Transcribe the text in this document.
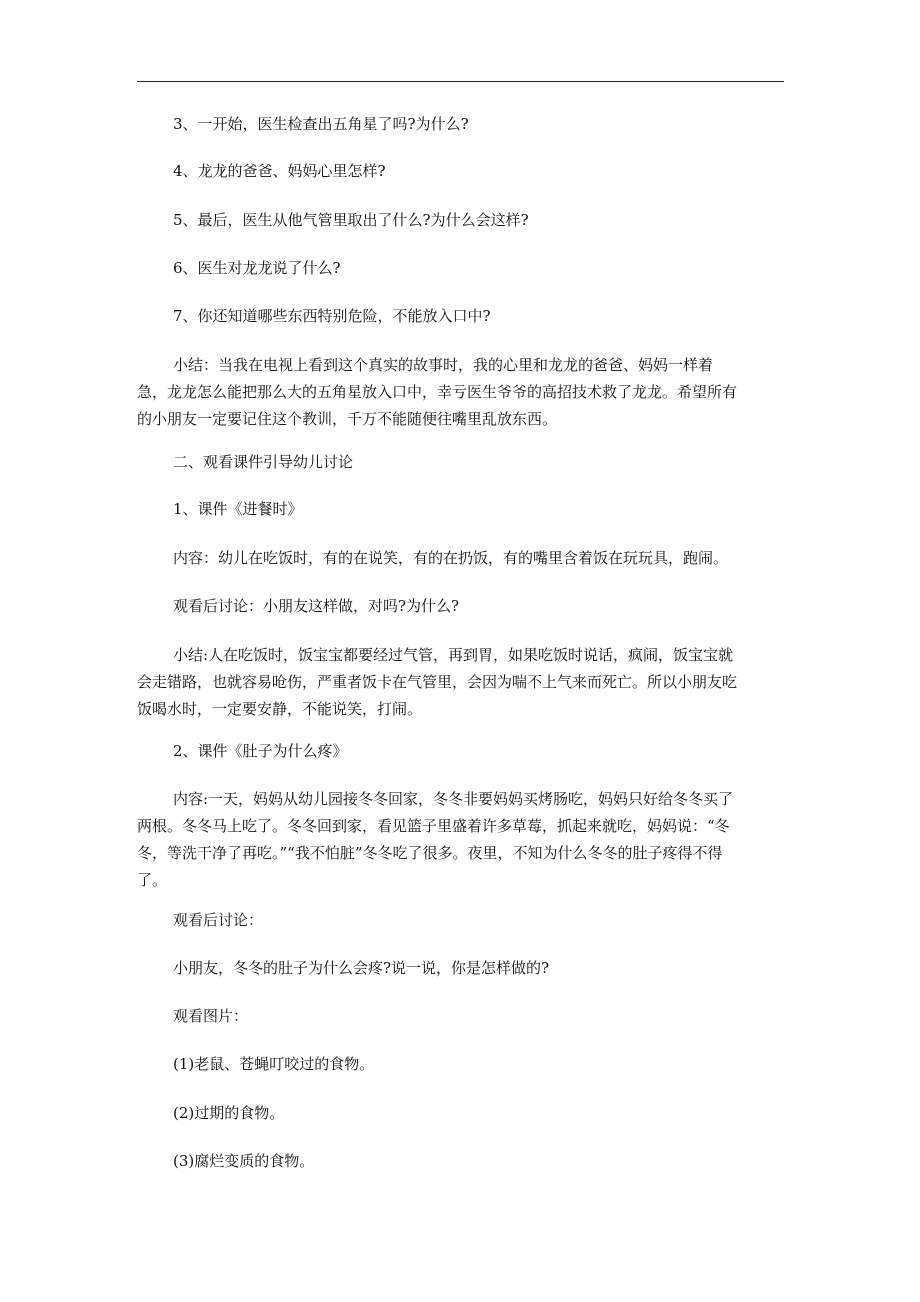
3、一开始，医生检查出五角星了吗?为什么?
4、龙龙的爸爸、妈妈心里怎样?
5、最后，医生从他气管里取出了什么?为什么会这样?
6、医生对龙龙说了什么?
7、你还知道哪些东西特别危险，不能放入口中?
小结：当我在电视上看到这个真实的故事时，我的心里和龙龙的爸爸、妈妈一样着急，龙龙怎么能把那么大的五角星放入口中，幸亏医生爷爷的高招技术救了龙龙。希望所有的小朋友一定要记住这个教训，千万不能随便往嘴里乱放东西。
二、观看课件引导幼儿讨论
1、课件《进餐时》
内容：幼儿在吃饭时，有的在说笑，有的在扔饭，有的嘴里含着饭在玩玩具，跑闹。
观看后讨论：小朋友这样做，对吗?为什么?
小结:人在吃饭时，饭宝宝都要经过气管，再到胃，如果吃饭时说话，疯闹，饭宝宝就会走错路，也就容易呛伤，严重者饭卡在气管里，会因为喘不上气来而死亡。所以小朋友吃饭喝水时，一定要安静，不能说笑，打闹。
2、课件《肚子为什么疼》
内容:一天，妈妈从幼儿园接冬冬回家，冬冬非要妈妈买烤肠吃，妈妈只好给冬冬买了两根。冬冬马上吃了。冬冬回到家，看见篮子里盛着许多草莓，抓起来就吃，妈妈说：“冬冬，等洗干净了再吃。”“我不怕脏”冬冬吃了很多。夜里，不知为什么冬冬的肚子疼得不得了。
观看后讨论：
小朋友，冬冬的肚子为什么会疼?说一说，你是怎样做的?
观看图片：
(1)老鼠、苍蝇叮咬过的食物。
(2)过期的食物。
(3)腐烂变质的食物。
